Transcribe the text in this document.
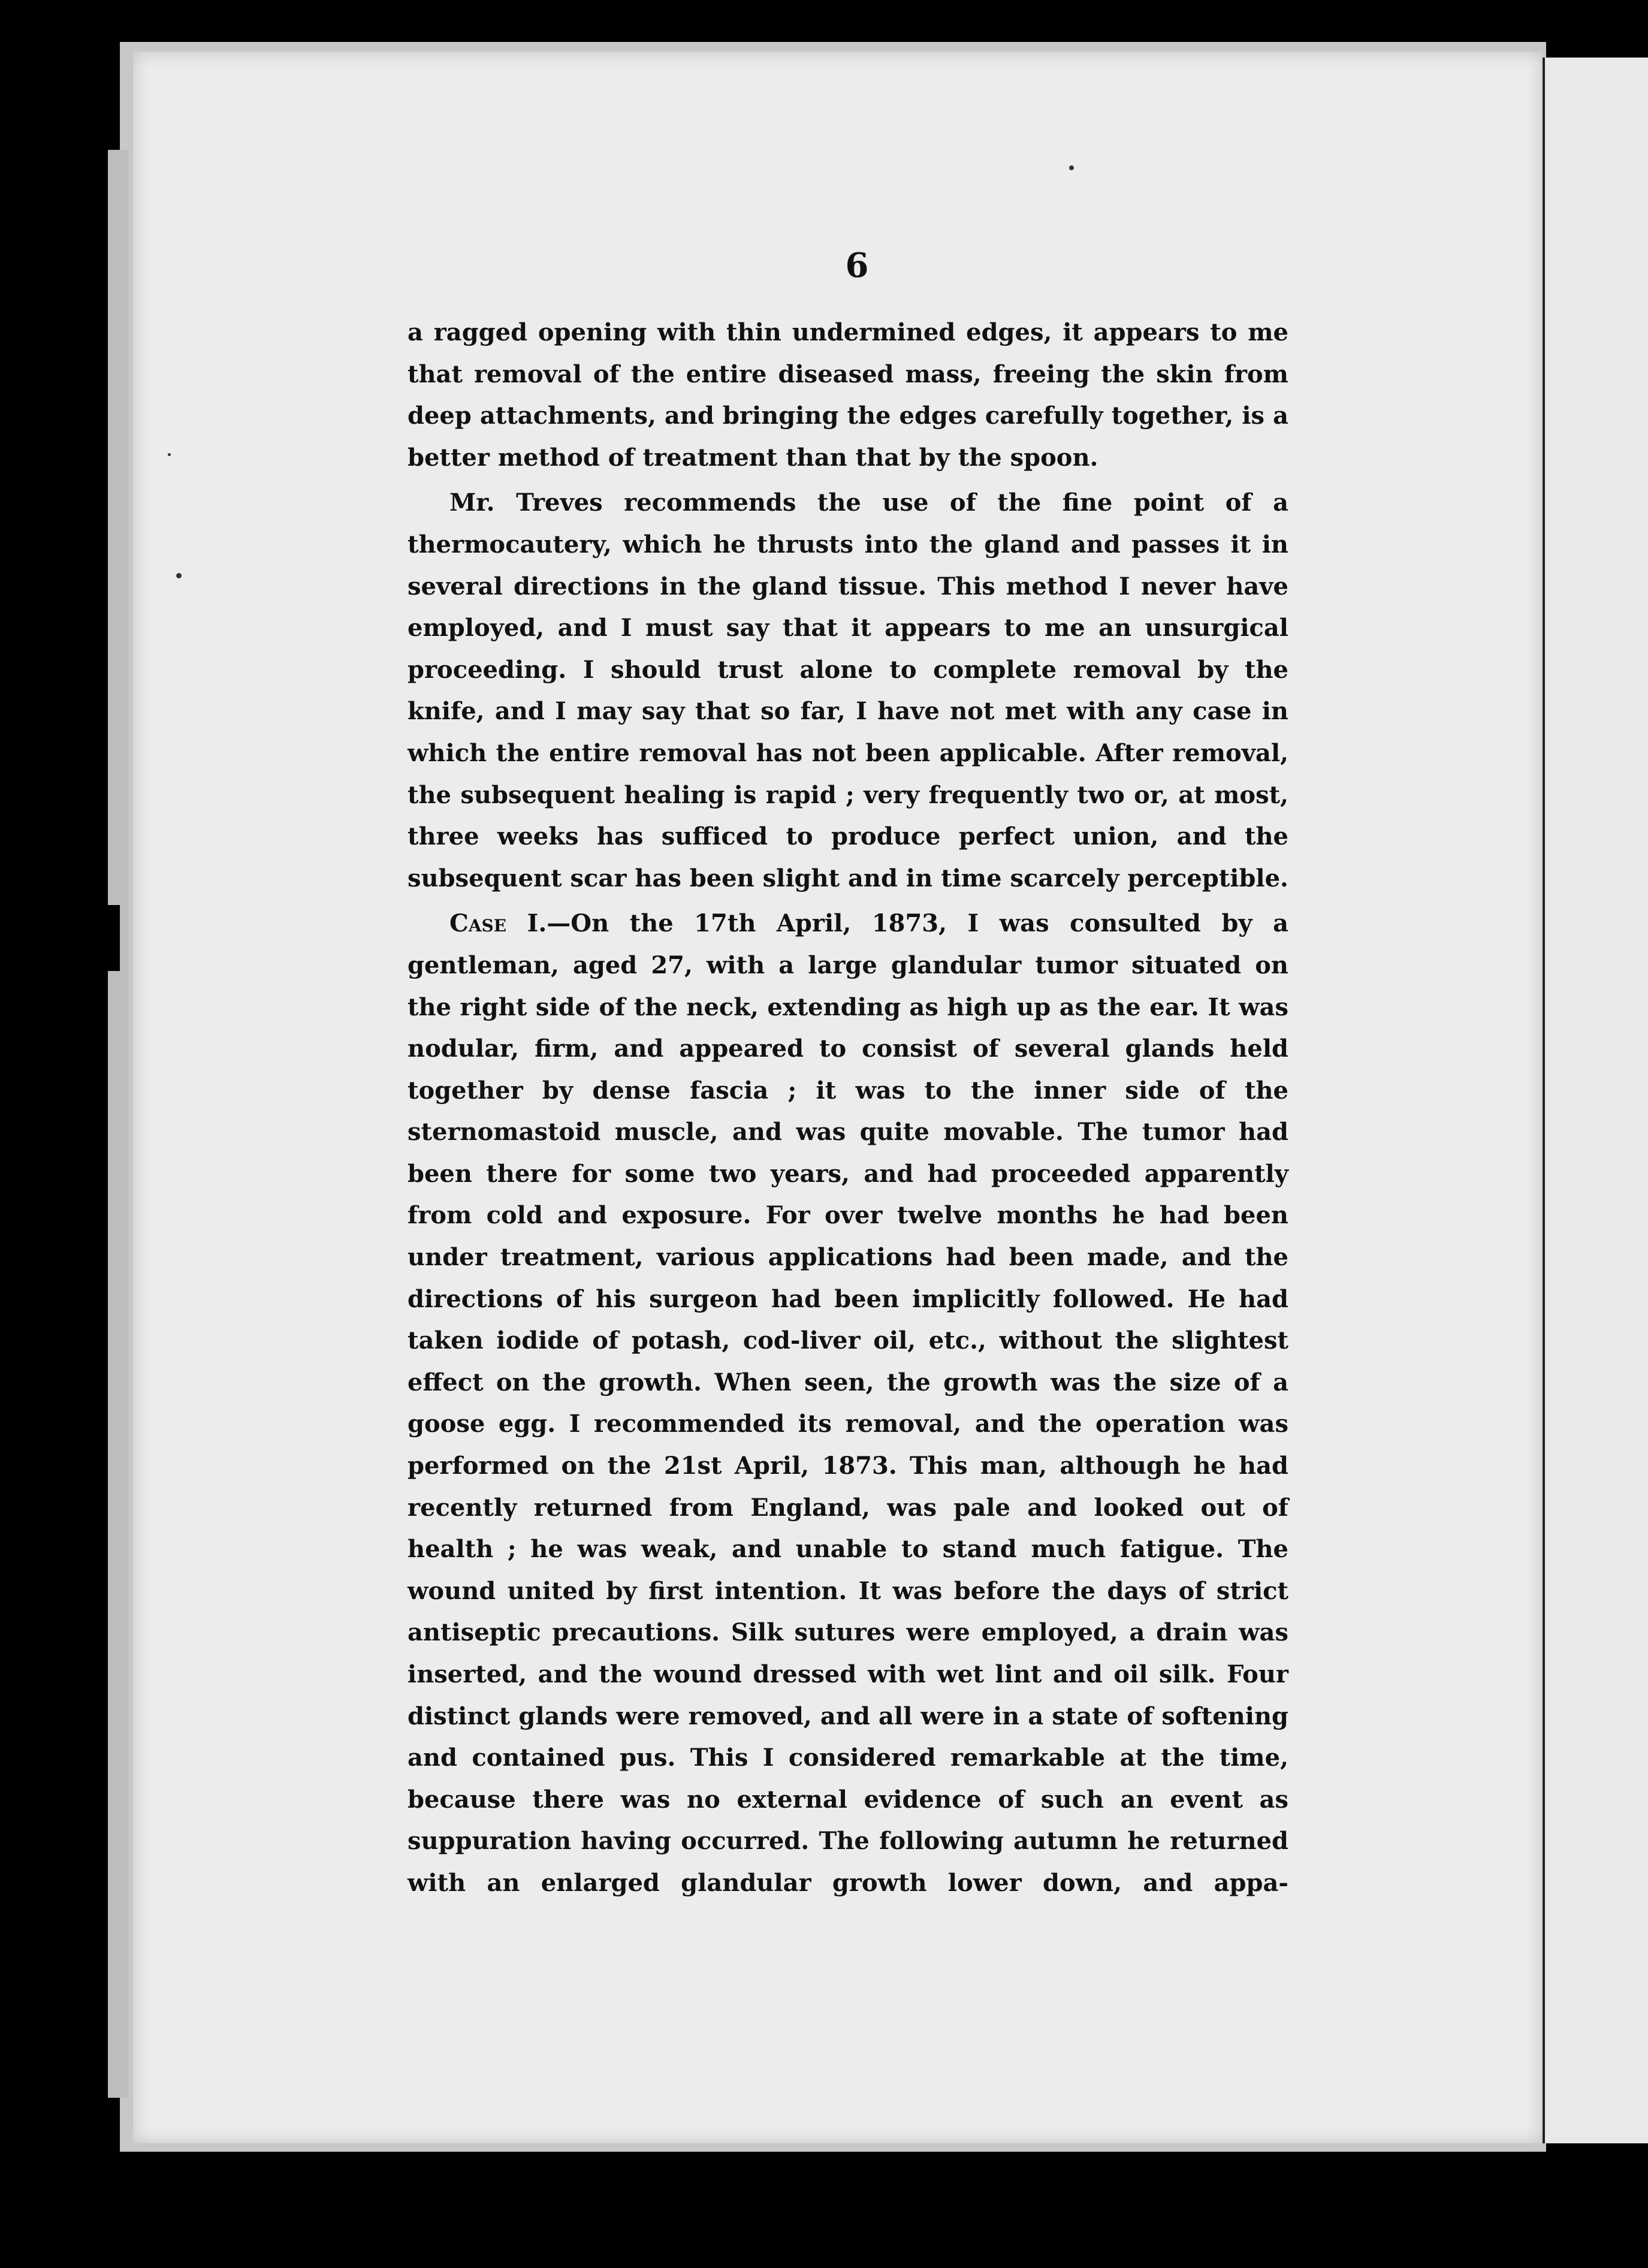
6

a ragged opening with thin undermined edges, it appears to me that removal of the entire diseased mass, freeing the skin from deep attachments, and bringing the edges carefully together, is a better method of treatment than that by the spoon.

Mr. Treves recommends the use of the fine point of a thermocautery, which he thrusts into the gland and passes it in several directions in the gland tissue. This method I never have employed, and I must say that it appears to me an unsurgical proceeding. I should trust alone to complete removal by the knife, and I may say that so far, I have not met with any case in which the entire removal has not been applicable. After removal, the subsequent healing is rapid ; very frequently two or, at most, three weeks has sufficed to produce perfect union, and the subsequent scar has been slight and in time scarcely perceptible.

Case I.—On the 17th April, 1873, I was consulted by a gentleman, aged 27, with a large glandular tumor situated on the right side of the neck, extending as high up as the ear. It was nodular, firm, and appeared to consist of several glands held together by dense fascia ; it was to the inner side of the sternomastoid muscle, and was quite movable. The tumor had been there for some two years, and had proceeded apparently from cold and exposure. For over twelve months he had been under treatment, various applications had been made, and the directions of his surgeon had been implicitly followed. He had taken iodide of potash, cod-liver oil, etc., without the slightest effect on the growth. When seen, the growth was the size of a goose egg. I recommended its removal, and the operation was performed on the 21st April, 1873. This man, although he had recently returned from England, was pale and looked out of health ; he was weak, and unable to stand much fatigue. The wound united by first intention. It was before the days of strict antiseptic precautions. Silk sutures were employed, a drain was inserted, and the wound dressed with wet lint and oil silk. Four distinct glands were removed, and all were in a state of softening and contained pus. This I considered remarkable at the time, because there was no external evidence of such an event as suppuration having occurred. The following autumn he returned with an enlarged glandular growth lower down, and appa-
